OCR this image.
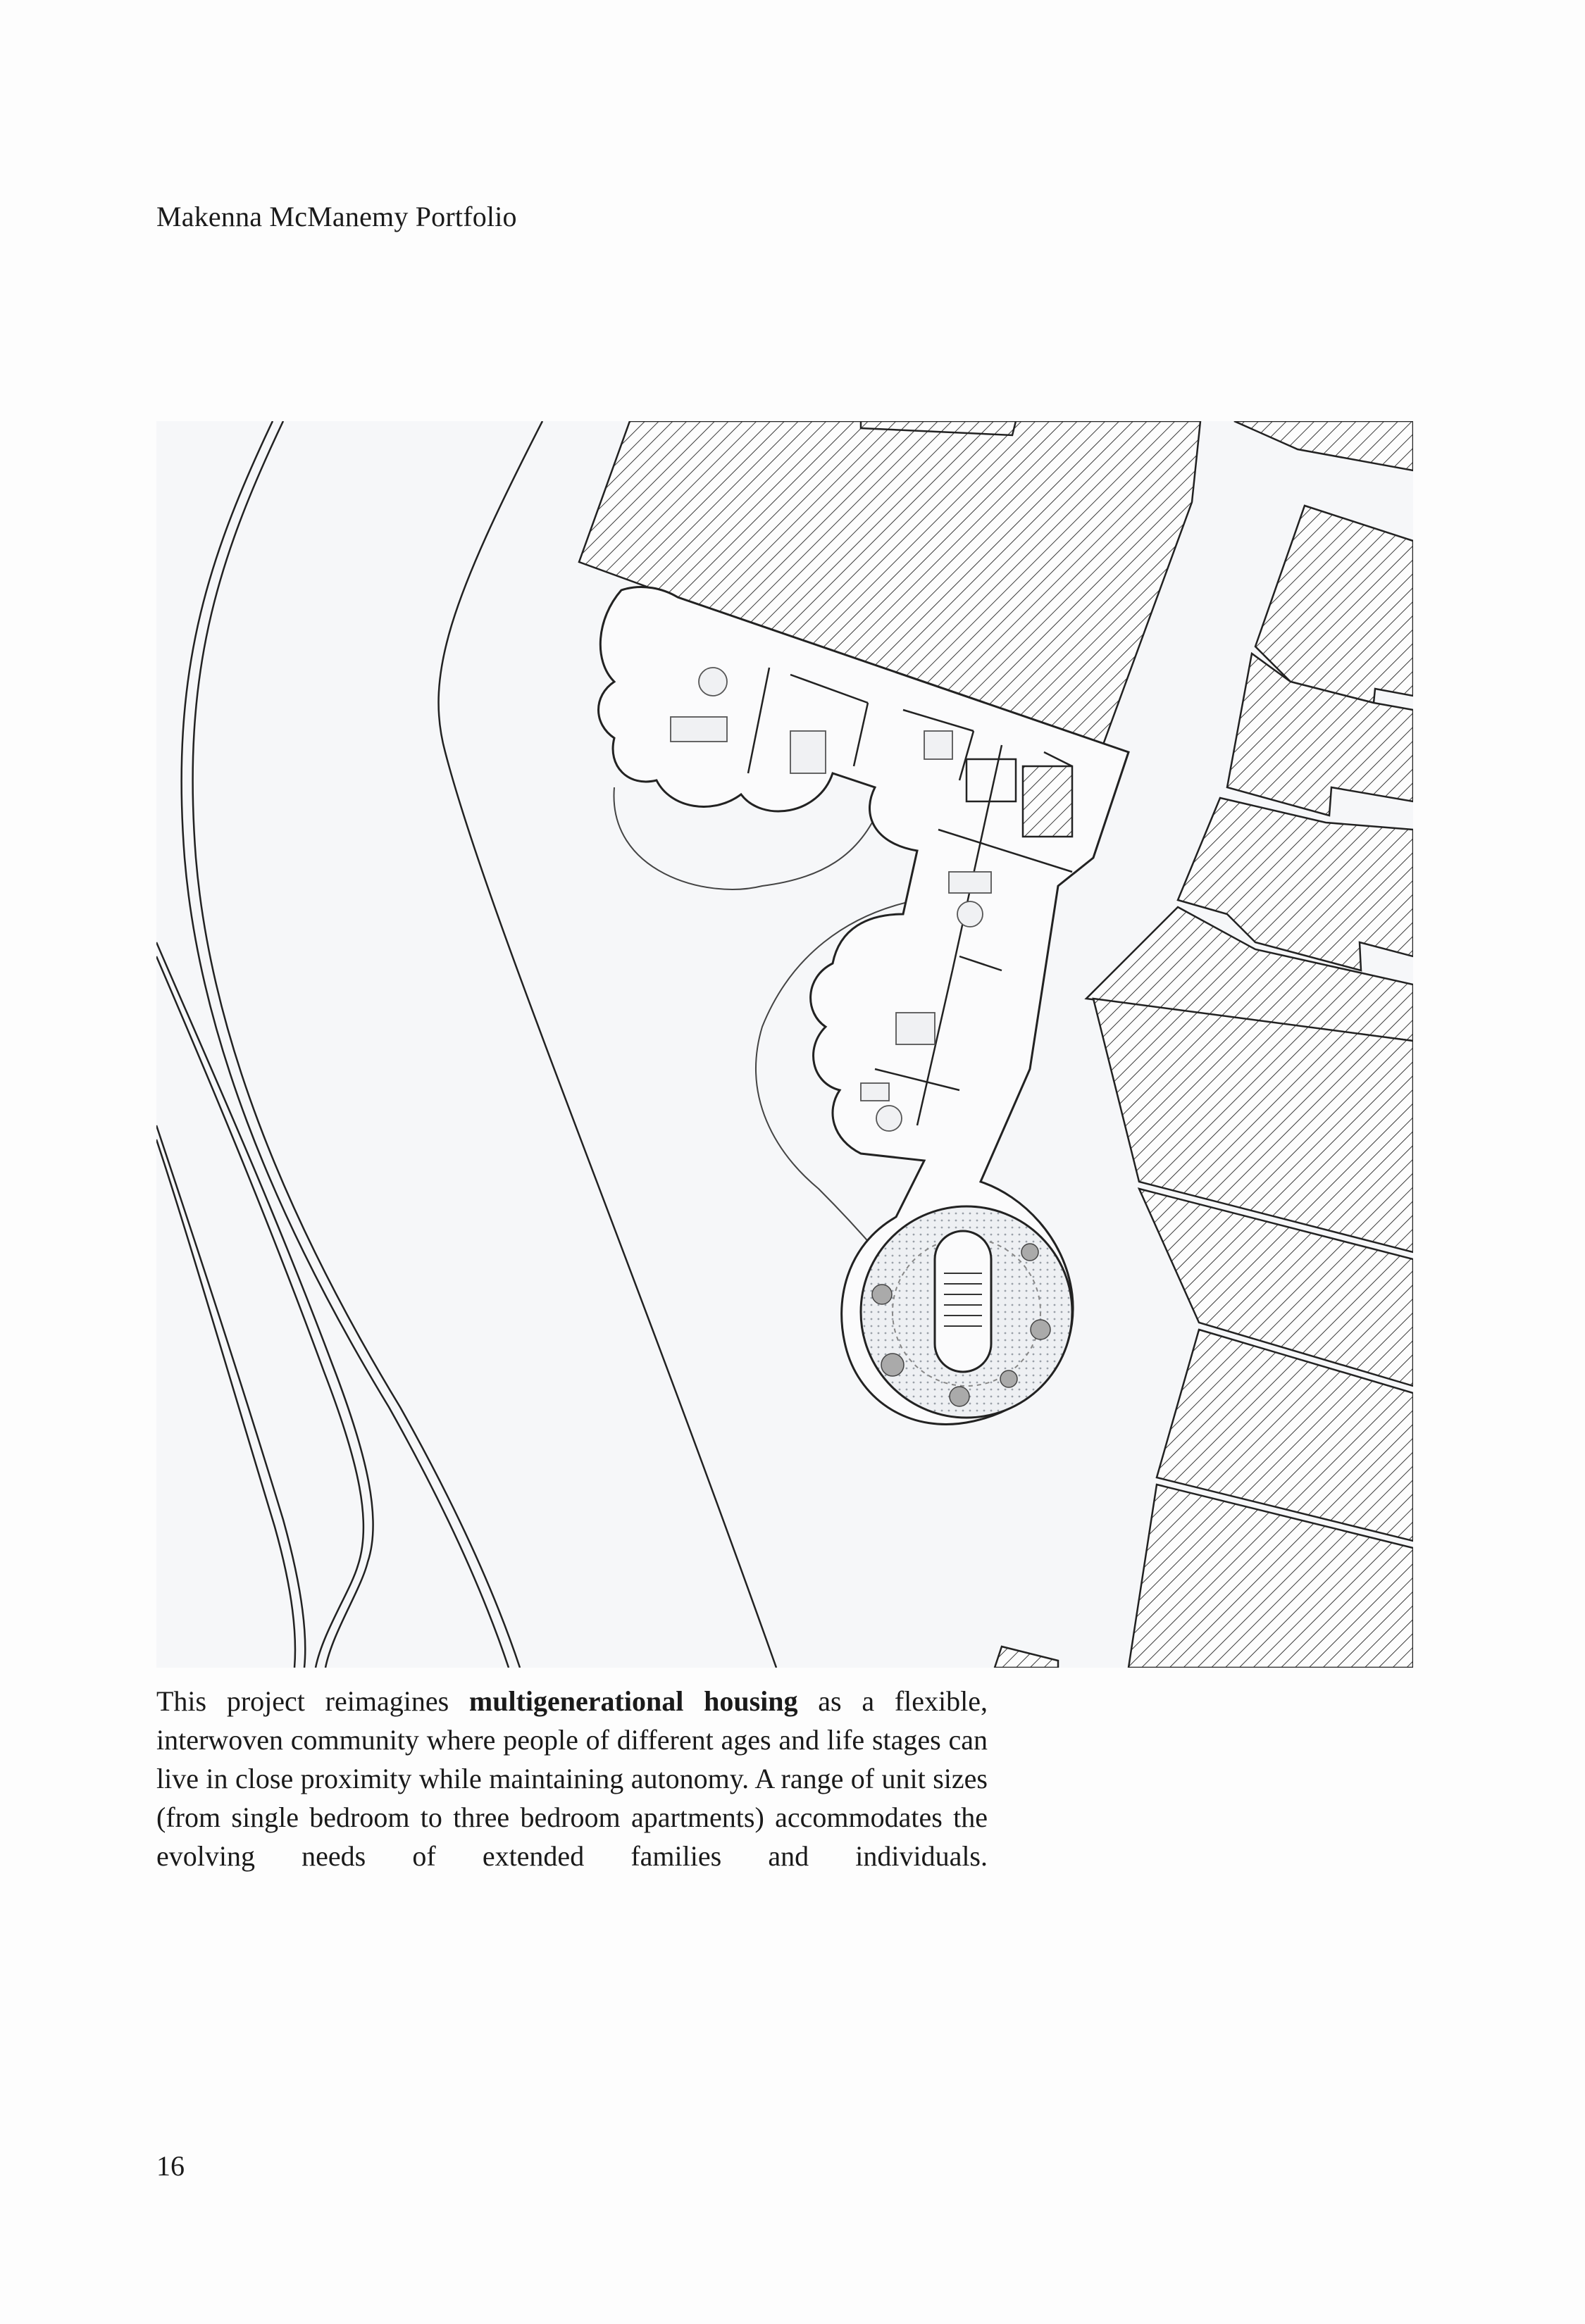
Makenna McManemy Portfolio

This project reimagines multigenerational housing as a flexible, interwoven community where people of different ages and life stages can live in close proximity while maintaining autonomy. A range of unit sizes (from single bedroom to three bedroom apartments) accommodates the evolving needs of extended families and individuals.

16
